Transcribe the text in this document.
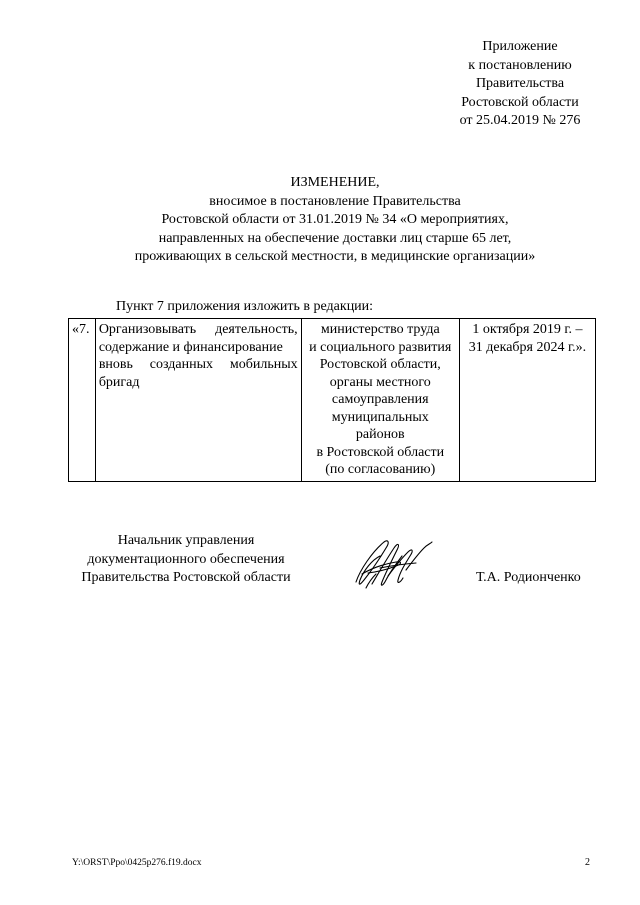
Приложение
к постановлению
Правительства
Ростовской области
от 25.04.2019 № 276
ИЗМЕНЕНИЕ,
вносимое в постановление Правительства
Ростовской области от 31.01.2019 № 34 «О мероприятиях,
направленных на обеспечение доставки лиц старше 65 лет,
проживающих в сельской местности, в медицинские организации»
Пункт 7 приложения изложить в редакции:
«7.	Организовывать деятельность,
содержание и финансирование
вновь созданных мобильных
бригад

министерство труда
и социального развития
Ростовской области,
органы местного
самоуправления
муниципальных
районов
в Ростовской области
(по согласованию)

1 октября 2019 г. –
31 декабря 2024 г.».
Начальник управления
документационного обеспечения
Правительства Ростовской области	Т.А. Родионченко
Y:\ORST\Ppo\0425p276.f19.docx	2
